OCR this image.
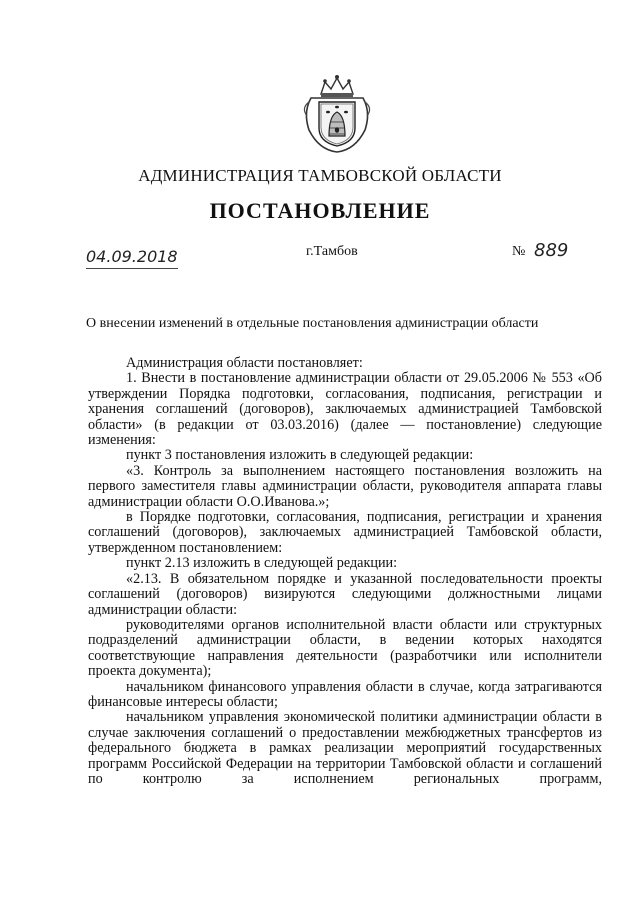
АДМИНИСТРАЦИЯ ТАМБОВСКОЙ ОБЛАСТИ
ПОСТАНОВЛЕНИЕ
04.09.2018	г.Тамбов	№ 889
О внесении изменений в отдельные постановления администрации области

Администрация области постановляет:

1. Внести в постановление администрации области от 29.05.2006 № 553 «Об утверждении Порядка подготовки, согласования, подписания, регистрации и хранения соглашений (договоров), заключаемых администрацией Тамбовской области» (в редакции от 03.03.2016) (далее — постановление) следующие изменения:

пункт 3 постановления изложить в следующей редакции:

«3. Контроль за выполнением настоящего постановления возложить на первого заместителя главы администрации области, руководителя аппарата главы администрации области О.О.Иванова.»;

в Порядке подготовки, согласования, подписания, регистрации и хранения соглашений (договоров), заключаемых администрацией Тамбовской области, утвержденном постановлением:

пункт 2.13 изложить в следующей редакции:

«2.13. В обязательном порядке и указанной последовательности проекты соглашений (договоров) визируются следующими должностными лицами администрации области:

руководителями органов исполнительной власти области или структурных подразделений администрации области, в ведении которых находятся соответствующие направления деятельности (разработчики или исполнители проекта документа);

начальником финансового управления области в случае, когда затрагиваются финансовые интересы области;

начальником управления экономической политики администрации области в случае заключения соглашений о предоставлении межбюджетных трансфертов из федерального бюджета в рамках реализации мероприятий государственных программ Российской Федерации на территории Тамбовской области и соглашений по контролю за исполнением региональных программ,
